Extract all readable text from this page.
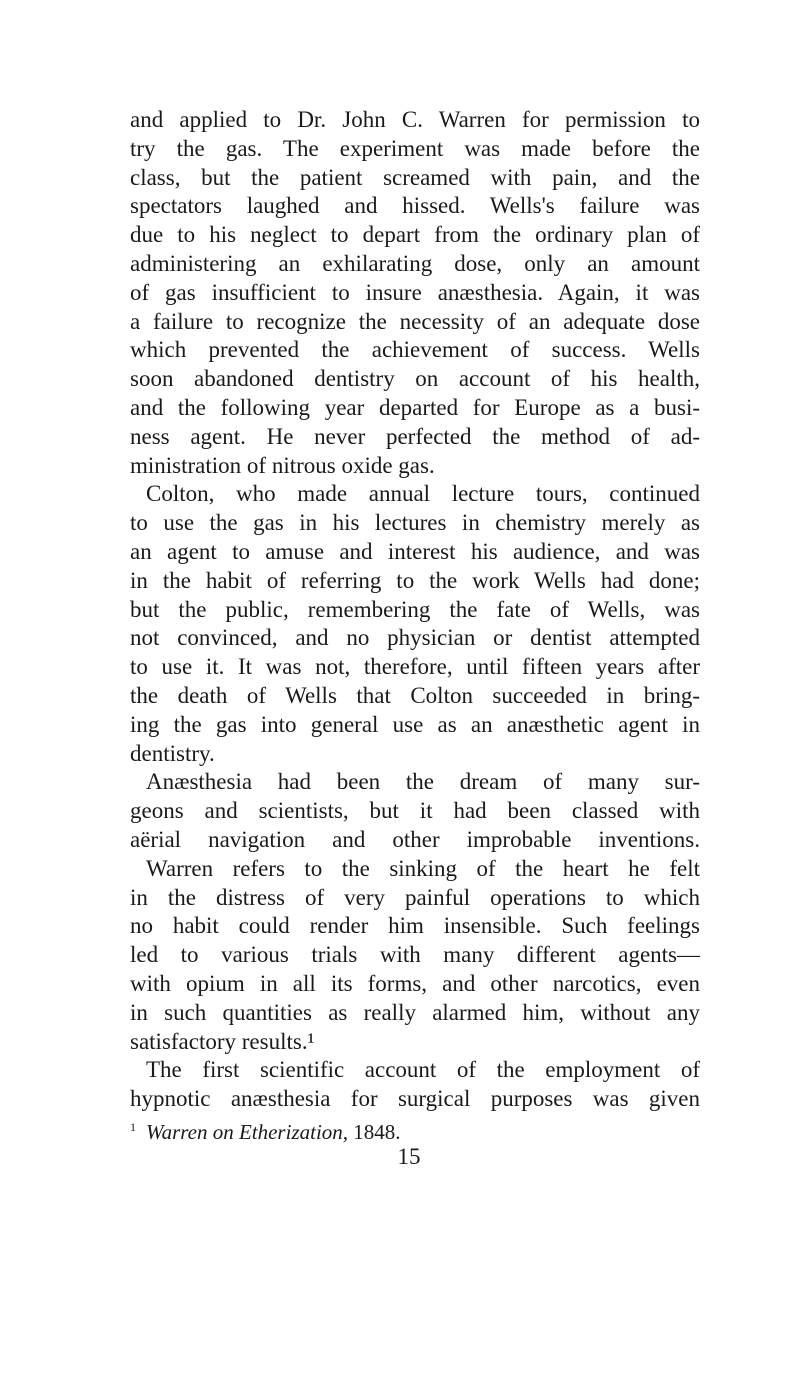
and applied to Dr. John C. Warren for permission to
try the gas. The experiment was made before the
class, but the patient screamed with pain, and the
spectators laughed and hissed. Wells's failure was
due to his neglect to depart from the ordinary plan of
administering an exhilarating dose, only an amount
of gas insufficient to insure anæsthesia. Again, it was
a failure to recognize the necessity of an adequate dose
which prevented the achievement of success. Wells
soon abandoned dentistry on account of his health,
and the following year departed for Europe as a busi-
ness agent. He never perfected the method of ad-
ministration of nitrous oxide gas.
Colton, who made annual lecture tours, continued
to use the gas in his lectures in chemistry merely as
an agent to amuse and interest his audience, and was
in the habit of referring to the work Wells had done;
but the public, remembering the fate of Wells, was
not convinced, and no physician or dentist attempted
to use it. It was not, therefore, until fifteen years after
the death of Wells that Colton succeeded in bring-
ing the gas into general use as an anæsthetic agent in
dentistry.
Anæsthesia had been the dream of many sur-
geons and scientists, but it had been classed with
aërial navigation and other improbable inventions.
Warren refers to the sinking of the heart he felt
in the distress of very painful operations to which
no habit could render him insensible. Such feelings
led to various trials with many different agents—
with opium in all its forms, and other narcotics, even
in such quantities as really alarmed him, without any
satisfactory results.¹
The first scientific account of the employment of
hypnotic anæsthesia for surgical purposes was given
$^1$ Warren on Etherization, 1848.
15
